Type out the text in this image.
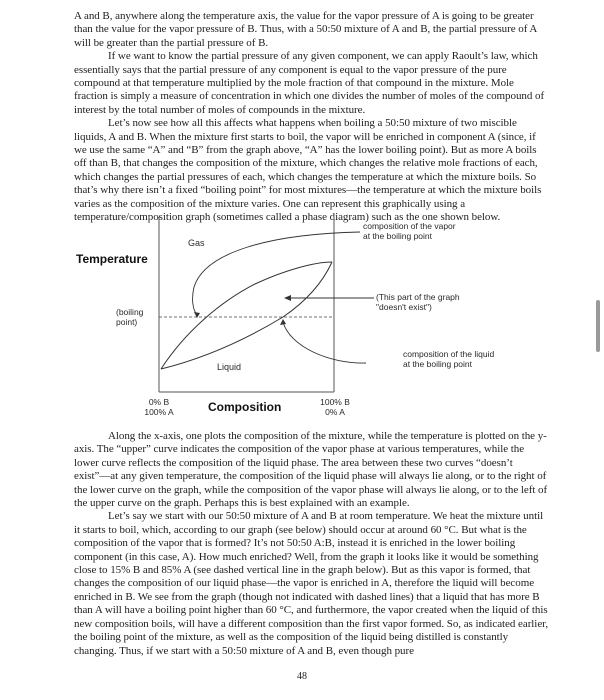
A and B, anywhere along the temperature axis, the value for the vapor pressure of A is going to be greater than the value for the vapor pressure of B. Thus, with a 50:50 mixture of A and B, the partial pressure of A will be greater than the partial pressure of B.

If we want to know the partial pressure of any given component, we can apply Raoult’s law, which essentially says that the partial pressure of any component is equal to the vapor pressure of the pure compound at that temperature multiplied by the mole fraction of that compound in the mixture. Mole fraction is simply a measure of concentration in which one divides the number of moles of the compound of interest by the total number of moles of compounds in the mixture.

Let’s now see how all this affects what happens when boiling a 50:50 mixture of two miscible liquids, A and B. When the mixture first starts to boil, the vapor will be enriched in component A (since, if we use the same “A” and “B” from the graph above, “A” has the lower boiling point). But as more A boils off than B, that changes the composition of the mixture, which changes the relative mole fractions of each, which changes the partial pressures of each, which changes the temperature at which the mixture boils. So that’s why there isn’t a fixed “boiling point” for most mixtures—the temperature at which the mixture boils varies as the composition of the mixture varies. One can represent this graphically using a temperature/composition graph (sometimes called a phase diagram) such as the one shown below.

Gas
Liquid
Temperature
(boiling
point)
0% B
100% A	Composition	100% B
0% A
composition of the vapor
at the boiling point
(This part of the graph
"doesn't exist")
composition of the liquid
at the boiling point

Along the x-axis, one plots the composition of the mixture, while the temperature is plotted on the y-axis. The “upper” curve indicates the composition of the vapor phase at various temperatures, while the lower curve reflects the composition of the liquid phase. The area between these two curves “doesn’t exist”—at any given temperature, the composition of the liquid phase will always lie along, or to the right of the lower curve on the graph, while the composition of the vapor phase will always lie along, or to the left of the upper curve on the graph. Perhaps this is best explained with an example.

Let’s say we start with our 50:50 mixture of A and B at room temperature. We heat the mixture until it starts to boil, which, according to our graph (see below) should occur at around 60 °C. But what is the composition of the vapor that is formed? It’s not 50:50 A:B, instead it is enriched in the lower boiling component (in this case, A). How much enriched? Well, from the graph it looks like it would be something close to 15% B and 85% A (see dashed vertical line in the graph below). But as this vapor is formed, that changes the composition of our liquid phase—the vapor is enriched in A, therefore the liquid will become enriched in B. We see from the graph (though not indicated with dashed lines) that a liquid that has more B than A will have a boiling point higher than 60 °C, and furthermore, the vapor created when the liquid of this new composition boils, will have a different composition than the first vapor formed. So, as indicated earlier, the boiling point of the mixture, as well as the composition of the liquid being distilled is constantly changing. Thus, if we start with a 50:50 mixture of A and B, even though pure

48
